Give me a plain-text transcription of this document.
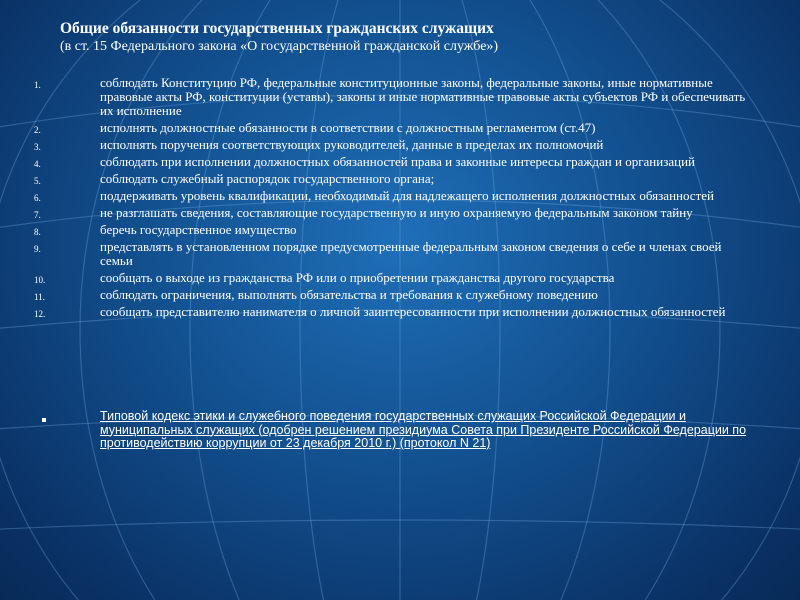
Общие обязанности государственных гражданских служащих

(в ст. 15 Федерального закона «О государственной гражданской службе»)

1.	соблюдать Конституцию РФ, федеральные конституционные законы, федеральные законы, иные нормативные правовые акты РФ, конституции (уставы), законы и иные нормативные правовые акты субъектов РФ и обеспечивать их исполнение
2.	исполнять должностные обязанности в соответствии с должностным регламентом (ст.47)
3.	исполнять поручения соответствующих руководителей, данные в пределах их полномочий
4.	соблюдать при исполнении должностных обязанностей права и законные интересы граждан и организаций
5.	соблюдать служебный распорядок государственного органа;
6.	поддерживать уровень квалификации, необходимый для надлежащего исполнения должностных обязанностей
7.	не разглашать сведения, составляющие государственную и иную охраняемую федеральным законом тайну
8.	беречь государственное имущество
9.	представлять в установленном порядке предусмотренные федеральным законом сведения о себе и членах своей семьи
10.	сообщать о выходе из гражданства РФ или о приобретении гражданства другого государства
11.	соблюдать ограничения, выполнять обязательства и требования к служебному поведению
12.	сообщать представителю нанимателя о личной заинтересованности при исполнении должностных обязанностей
Типовой кодекс этики и служебного поведения государственных служащих Российской Федерации и муниципальных служащих (одобрен решением президиума Совета при Президенте Российской Федерации по противодействию коррупции от 23 декабря 2010 г.) (протокол N 21)
